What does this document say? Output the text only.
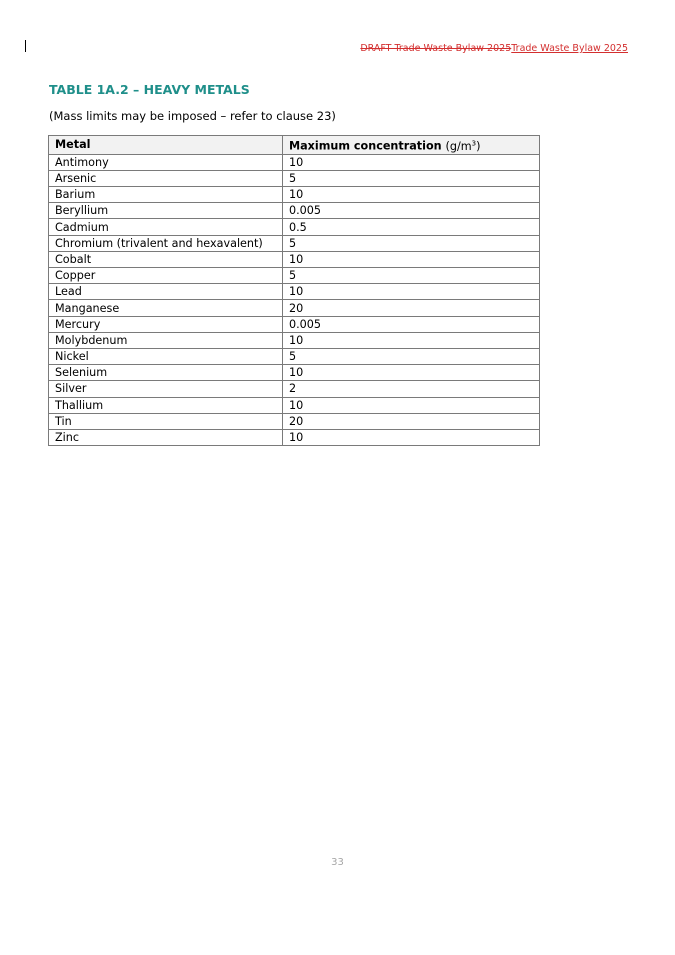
DRAFT Trade Waste Bylaw 2025Trade Waste Bylaw 2025
TABLE 1A.2 – HEAVY METALS
(Mass limits may be imposed – refer to clause 23)
Metal	Maximum concentration $(g/m^3)$
Antimony	10
Arsenic	5
Barium	10
Beryllium	0.005
Cadmium	0.5
Chromium (trivalent and hexavalent)	5
Cobalt	10
Copper	5
Lead	10
Manganese	20
Mercury	0.005
Molybdenum	10
Nickel	5
Selenium	10
Silver	2
Thallium	10
Tin	20
Zinc	10
33
